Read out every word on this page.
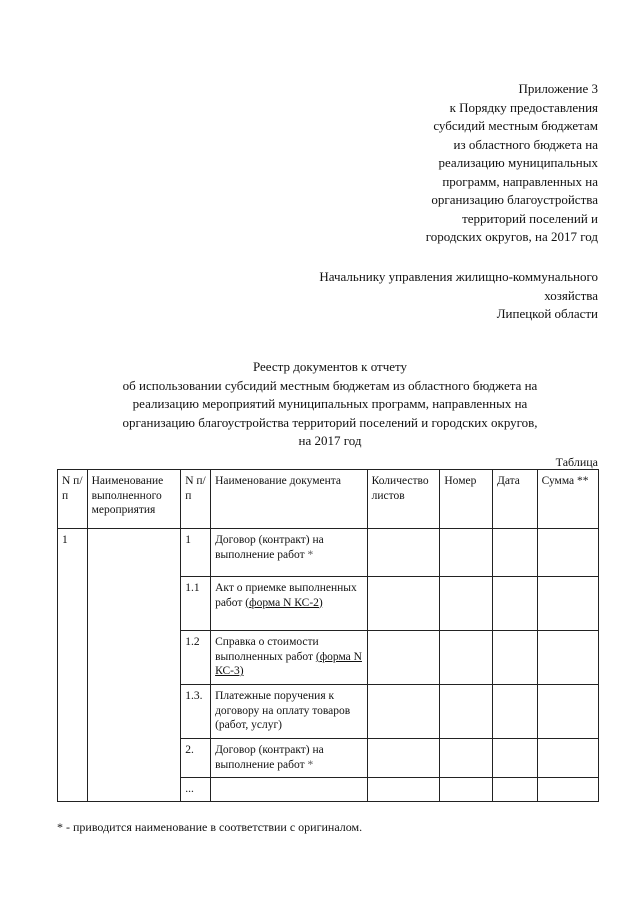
Приложение 3
к Порядку предоставления
субсидий местным бюджетам
из областного бюджета на
реализацию муниципальных
программ, направленных на
организацию благоустройства
территорий поселений и
городских округов, на 2017 год
Начальнику управления жилищно-коммунального
хозяйства
Липецкой области
Реестр документов к отчету
об использовании субсидий местным бюджетам из областного бюджета на
реализацию мероприятий муниципальных программ, направленных на
организацию благоустройства территорий поселений и городских округов,
на 2017 год
Таблица
N п/п	Наименование выполненного мероприятия	N п/п	Наименование документа	Количество листов	Номер	Дата	Сумма **
1		1	Договор (контракт) на выполнение работ *				
		1.1	Акт о приемке выполненных работ (форма N КС-2)				
		1.2	Справка о стоимости выполненных работ (форма N КС-3)				
		1.3.	Платежные поручения к договору на оплату товаров (работ, услуг)				
		2.	Договор (контракт) на выполнение работ *				
		...					
* - приводится наименование в соответствии с оригиналом.
